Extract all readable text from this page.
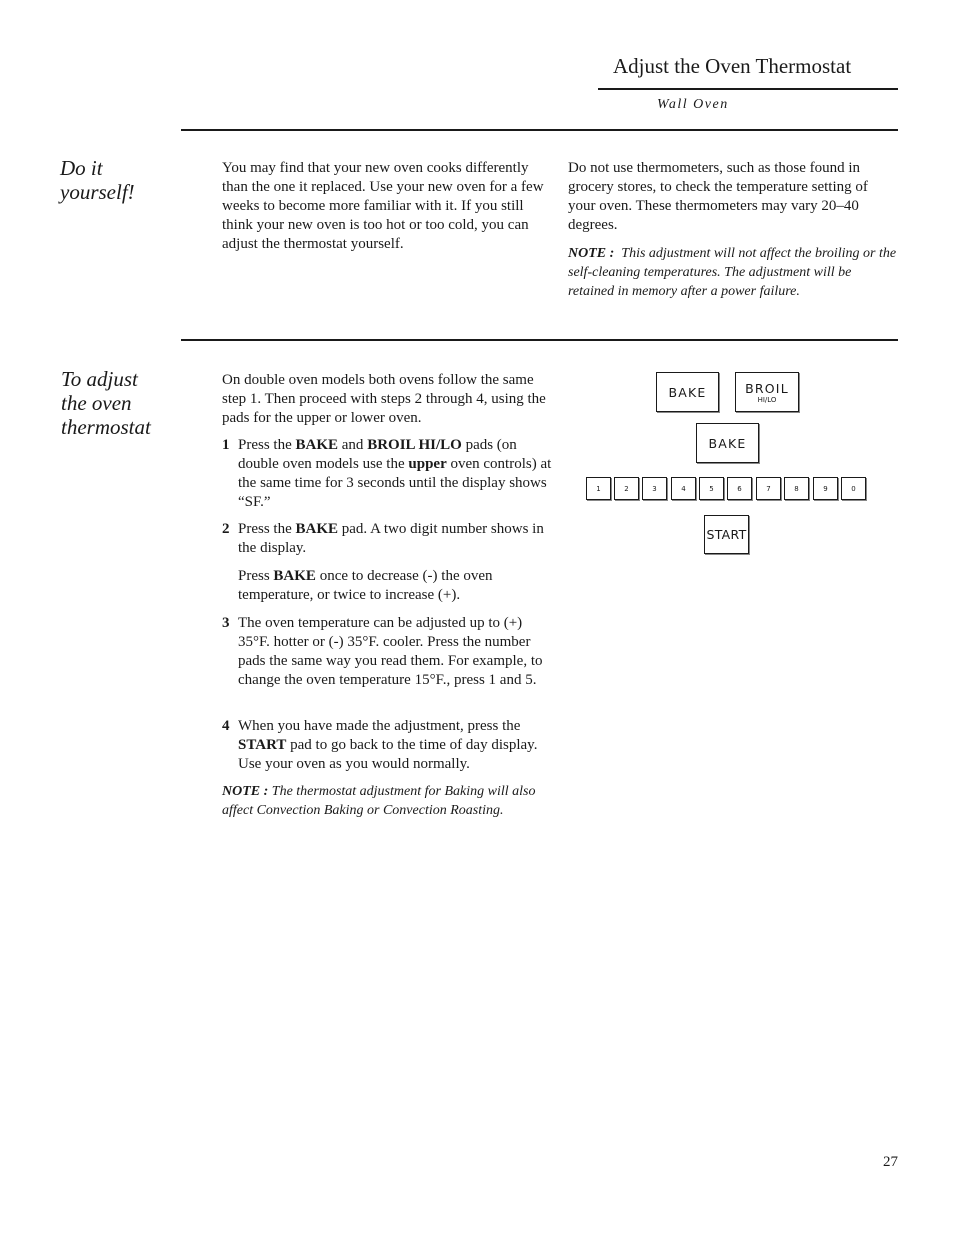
Adjust the Oven Thermostat
Wall Oven
Do it
yourself!
You may find that your new oven cooks differently than the one it replaced. Use your new oven for a few weeks to become more familiar with it. If you still think your new oven is too hot or too cold, you can adjust the thermostat yourself.
Do not use thermometers, such as those found in grocery stores, to check the temperature setting of your oven. These thermometers may vary 20–40 degrees.
NOTE : This adjustment will not affect the broiling or the self-cleaning temperatures. The adjustment will be retained in memory after a power failure.
To adjust
the oven
thermostat
On double oven models both ovens follow the same step 1. Then proceed with steps 2 through 4, using the pads for the upper or lower oven.
1 Press the BAKE and BROIL HI/LO pads (on double oven models use the upper oven controls) at the same time for 3 seconds until the display shows “SF.”
2 Press the BAKE pad. A two digit number shows in the display.
Press BAKE once to decrease (-) the oven temperature, or twice to increase (+).
3 The oven temperature can be adjusted up to (+) 35°F. hotter or (-) 35°F. cooler. Press the number pads the same way you read them. For example, to change the oven temperature 15°F., press 1 and 5.
4 When you have made the adjustment, press the START pad to go back to the time of day display. Use your oven as you would normally.
NOTE : The thermostat adjustment for Baking will also affect Convection Baking or Convection Roasting.
BAKE	BROIL
HI/LO
BAKE
1	2	3	4	5	6	7	8	9	0
START
27
